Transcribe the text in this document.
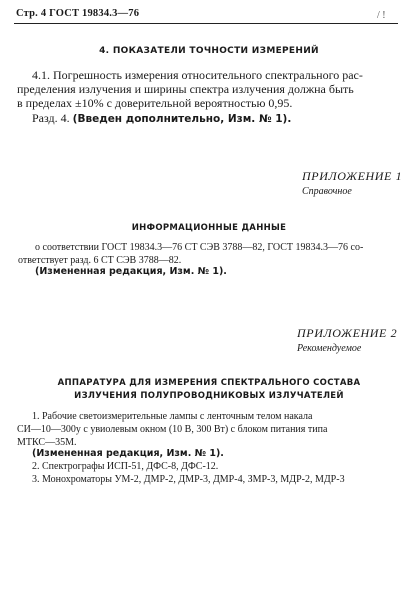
Стр. 4 ГОСТ 19834.3—76	/ !
4. ПОКАЗАТЕЛИ ТОЧНОСТИ ИЗМЕРЕНИЙ
4.1. Погрешность измерения относительного спектрального рас-
пределения излучения и ширины спектра излучения должна быть
в пределах ±10% с доверительной вероятностью 0,95.
Разд. 4. (Введен дополнительно, Изм. № 1).
ПРИЛОЖЕНИЕ 1
Справочное
ИНФОРМАЦИОННЫЕ ДАННЫЕ
о соответствии ГОСТ 19834.3—76 СТ СЭВ 3788—82, ГОСТ 19834.3—76 со-
ответствует разд. 6 СТ СЭВ 3788—82.
(Измененная редакция, Изм. № 1).
ПРИЛОЖЕНИЕ 2
Рекомендуемое
АППАРАТУРА ДЛЯ ИЗМЕРЕНИЯ СПЕКТРАЛЬНОГО СОСТАВА
ИЗЛУЧЕНИЯ ПОЛУПРОВОДНИКОВЫХ ИЗЛУЧАТЕЛЕЙ
1. Рабочие светоизмерительные лампы с ленточным телом накала
СИ—10—300у с увиолевым окном (10 В, 300 Вт) с блоком питания типа
МТКС—35М.
(Измененная редакция, Изм. № 1).
2. Спектрографы ИСП-51, ДФС-8, ДФС-12.
3. Монохроматоры УМ-2, ДМР-2, ДМР-3, ДМР-4, ЗМР-3, МДР-2, МДР-3
